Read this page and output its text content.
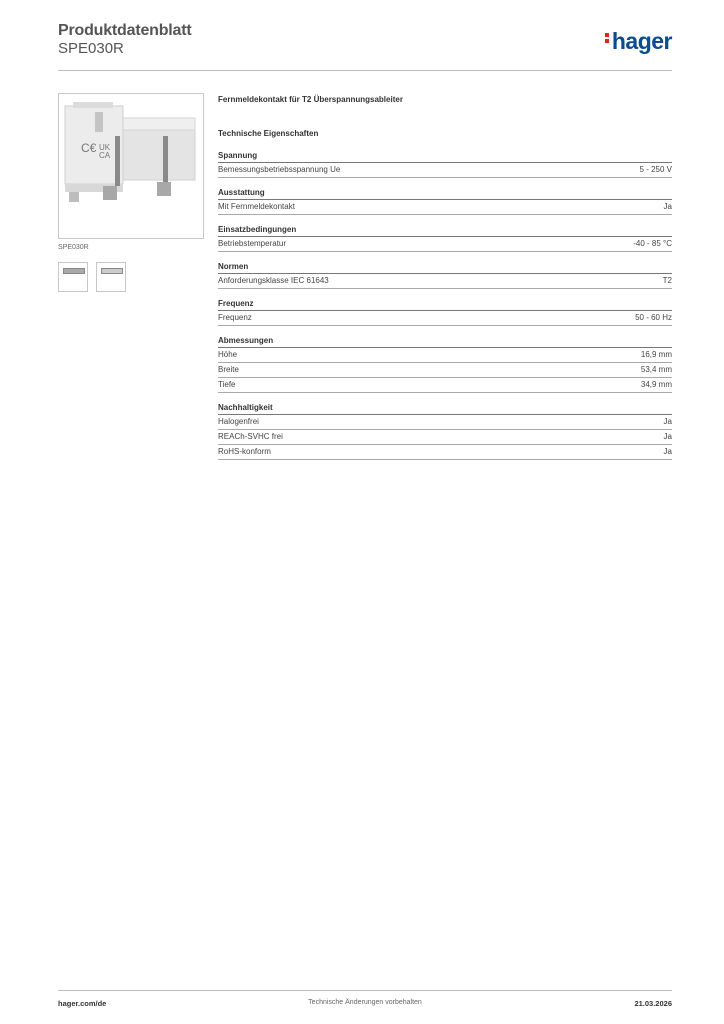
Produktdatenblatt
SPE030R	hager
C€ UK
CA
SPE030R
Fernmeldekontakt für T2 Überspannungsableiter
Technische Eigenschaften
Spannung
Bemessungsbetriebsspannung Ue	5 - 250 V
Ausstattung
Mit Fernmeldekontakt	Ja
Einsatzbedingungen
Betriebstemperatur	-40 - 85 °C
Normen
Anforderungsklasse IEC 61643	T2
Frequenz
Frequenz	50 - 60 Hz
Abmessungen
Höhe	16,9 mm
Breite	53,4 mm
Tiefe	34,9 mm
Nachhaltigkeit
Halogenfrei	Ja
REACh-SVHC frei	Ja
RoHS-konform	Ja
hager.com/de	Technische Änderungen vorbehalten	21.03.2026
